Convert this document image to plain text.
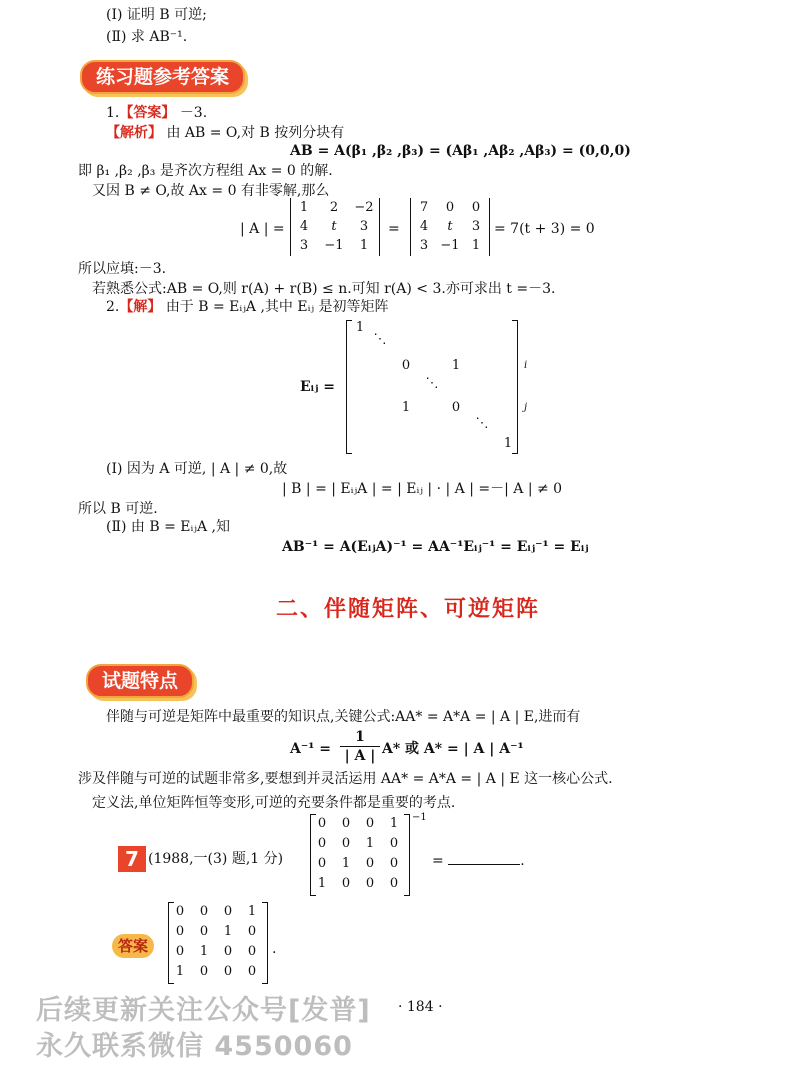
(Ⅰ) 证明 B 可逆;
(Ⅱ) 求 AB⁻¹.
练习题参考答案
1.【答案】 －3.
【解析】 由 AB = O,对 B 按列分块有
AB = A(β₁ ,β₂ ,β₃) = (Aβ₁ ,Aβ₂ ,Aβ₃) = (0,0,0)
即 β₁ ,β₂ ,β₃ 是齐次方程组 Ax = 0 的解.
又因 B ≠ O,故 Ax = 0 有非零解,那么
| A | =
1	2	−2
4	t	3
3	−1	1
=
7	0	0
4	t	3
3 −1 1
= 7(t + 3) = 0
所以应填:－3.
若熟悉公式:AB = O,则 r(A) + r(B) ≤ n.可知 r(A) < 3.亦可求出 t =－3.
2.【解】 由于 B = EᵢⱼA ,其中 Eᵢⱼ 是初等矩阵
Eᵢⱼ =
1
⋱
0	1
⋱
1	0
⋱
1
i
j
(Ⅰ) 因为 A 可逆, | A | ≠ 0,故
| B | = | EᵢⱼA | = | Eᵢⱼ | · | A | =－| A | ≠ 0
所以 B 可逆.
(Ⅱ) 由 B = EᵢⱼA ,知
AB⁻¹ = A(EᵢⱼA)⁻¹ = AA⁻¹Eᵢⱼ⁻¹ = Eᵢⱼ⁻¹ = Eᵢⱼ
二、伴随矩阵、可逆矩阵
试题特点
伴随与可逆是矩阵中最重要的知识点,关键公式:AA* = A*A = | A | E,进而有
$A^{-1} = \frac{1}{| A |} A*$ 或 A* = | A | A⁻¹
涉及伴随与可逆的试题非常多,要想到并灵活运用 AA* = A*A = | A | E 这一核心公式.
定义法,单位矩阵恒等变形,可逆的充要条件都是重要的考点.
7 (1988,一(3) 题,1 分)
0	0	0	1
0	0	1	0
0	1	0	0
1	0	0	0
−1
=	.
答案
0	0	0	1
0	0	1	0
0	1	0	0
1	0	0	0
.
· 184 ·
后续更新关注公众号[发普]
永久联系微信 4550060
